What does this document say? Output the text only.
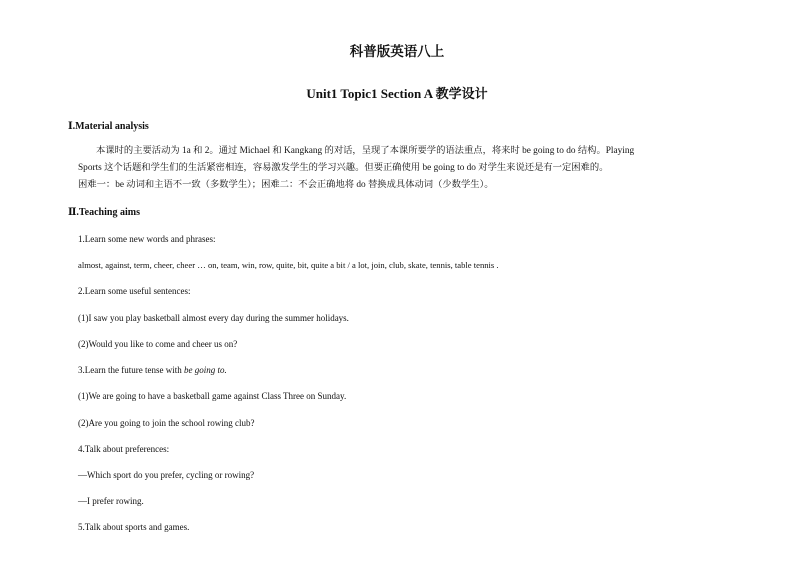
科普版英语八上
Unit1 Topic1 Section A 教学设计
Ⅰ.Material analysis
本课时的主要活动为 1a 和 2。通过 Michael 和 Kangkang 的对话，呈现了本课所要学的语法重点，将来时 be going to do 结构。Playing
Sports 这个话题和学生们的生活紧密相连，容易激发学生的学习兴趣。但要正确使用 be going to do 对学生来说还是有一定困难的。
困难一：be 动词和主语不一致（多数学生）；困难二：不会正确地将 do 替换成具体动词（少数学生）。
Ⅱ.Teaching aims
1.Learn some new words and phrases:
almost, against, term, cheer, cheer … on, team, win, row, quite, bit, quite a bit / a lot, join, club, skate, tennis, table tennis .
2.Learn some useful sentences:
(1)I saw you play basketball almost every day during the summer holidays.
(2)Would you like to come and cheer us on?
3.Learn the future tense with be going to.
(1)We are going to have a basketball game against Class Three on Sunday.
(2)Are you going to join the school rowing club?
4.Talk about preferences:
—Which sport do you prefer, cycling or rowing?
—I prefer rowing.
5.Talk about sports and games.
